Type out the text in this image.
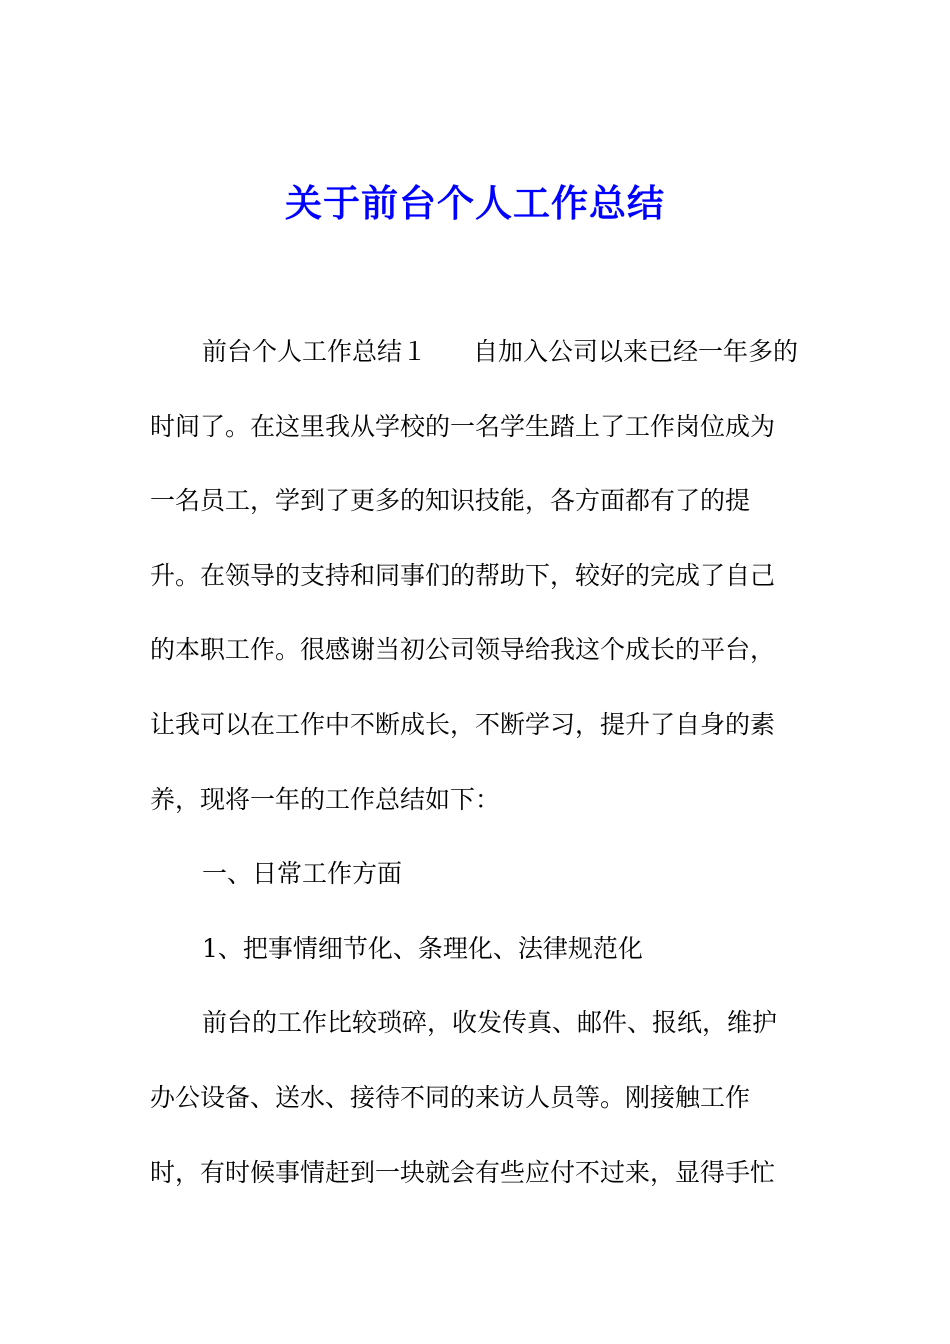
关于前台个人工作总结
前台个人工作总结１ 自加入公司以来已经一年多的
时间了。在这里我从学校的一名学生踏上了工作岗位成为
一名员工，学到了更多的知识技能，各方面都有了的提
升。在领导的支持和同事们的帮助下，较好的完成了自己
的本职工作。很感谢当初公司领导给我这个成长的平台，
让我可以在工作中不断成长，不断学习，提升了自身的素
养，现将一年的工作总结如下：
一、日常工作方面
1、把事情细节化、条理化、法律规范化
前台的工作比较琐碎，收发传真、邮件、报纸，维护
办公设备、送水、接待不同的来访人员等。刚接触工作
时，有时候事情赶到一块就会有些应付不过来，显得手忙
